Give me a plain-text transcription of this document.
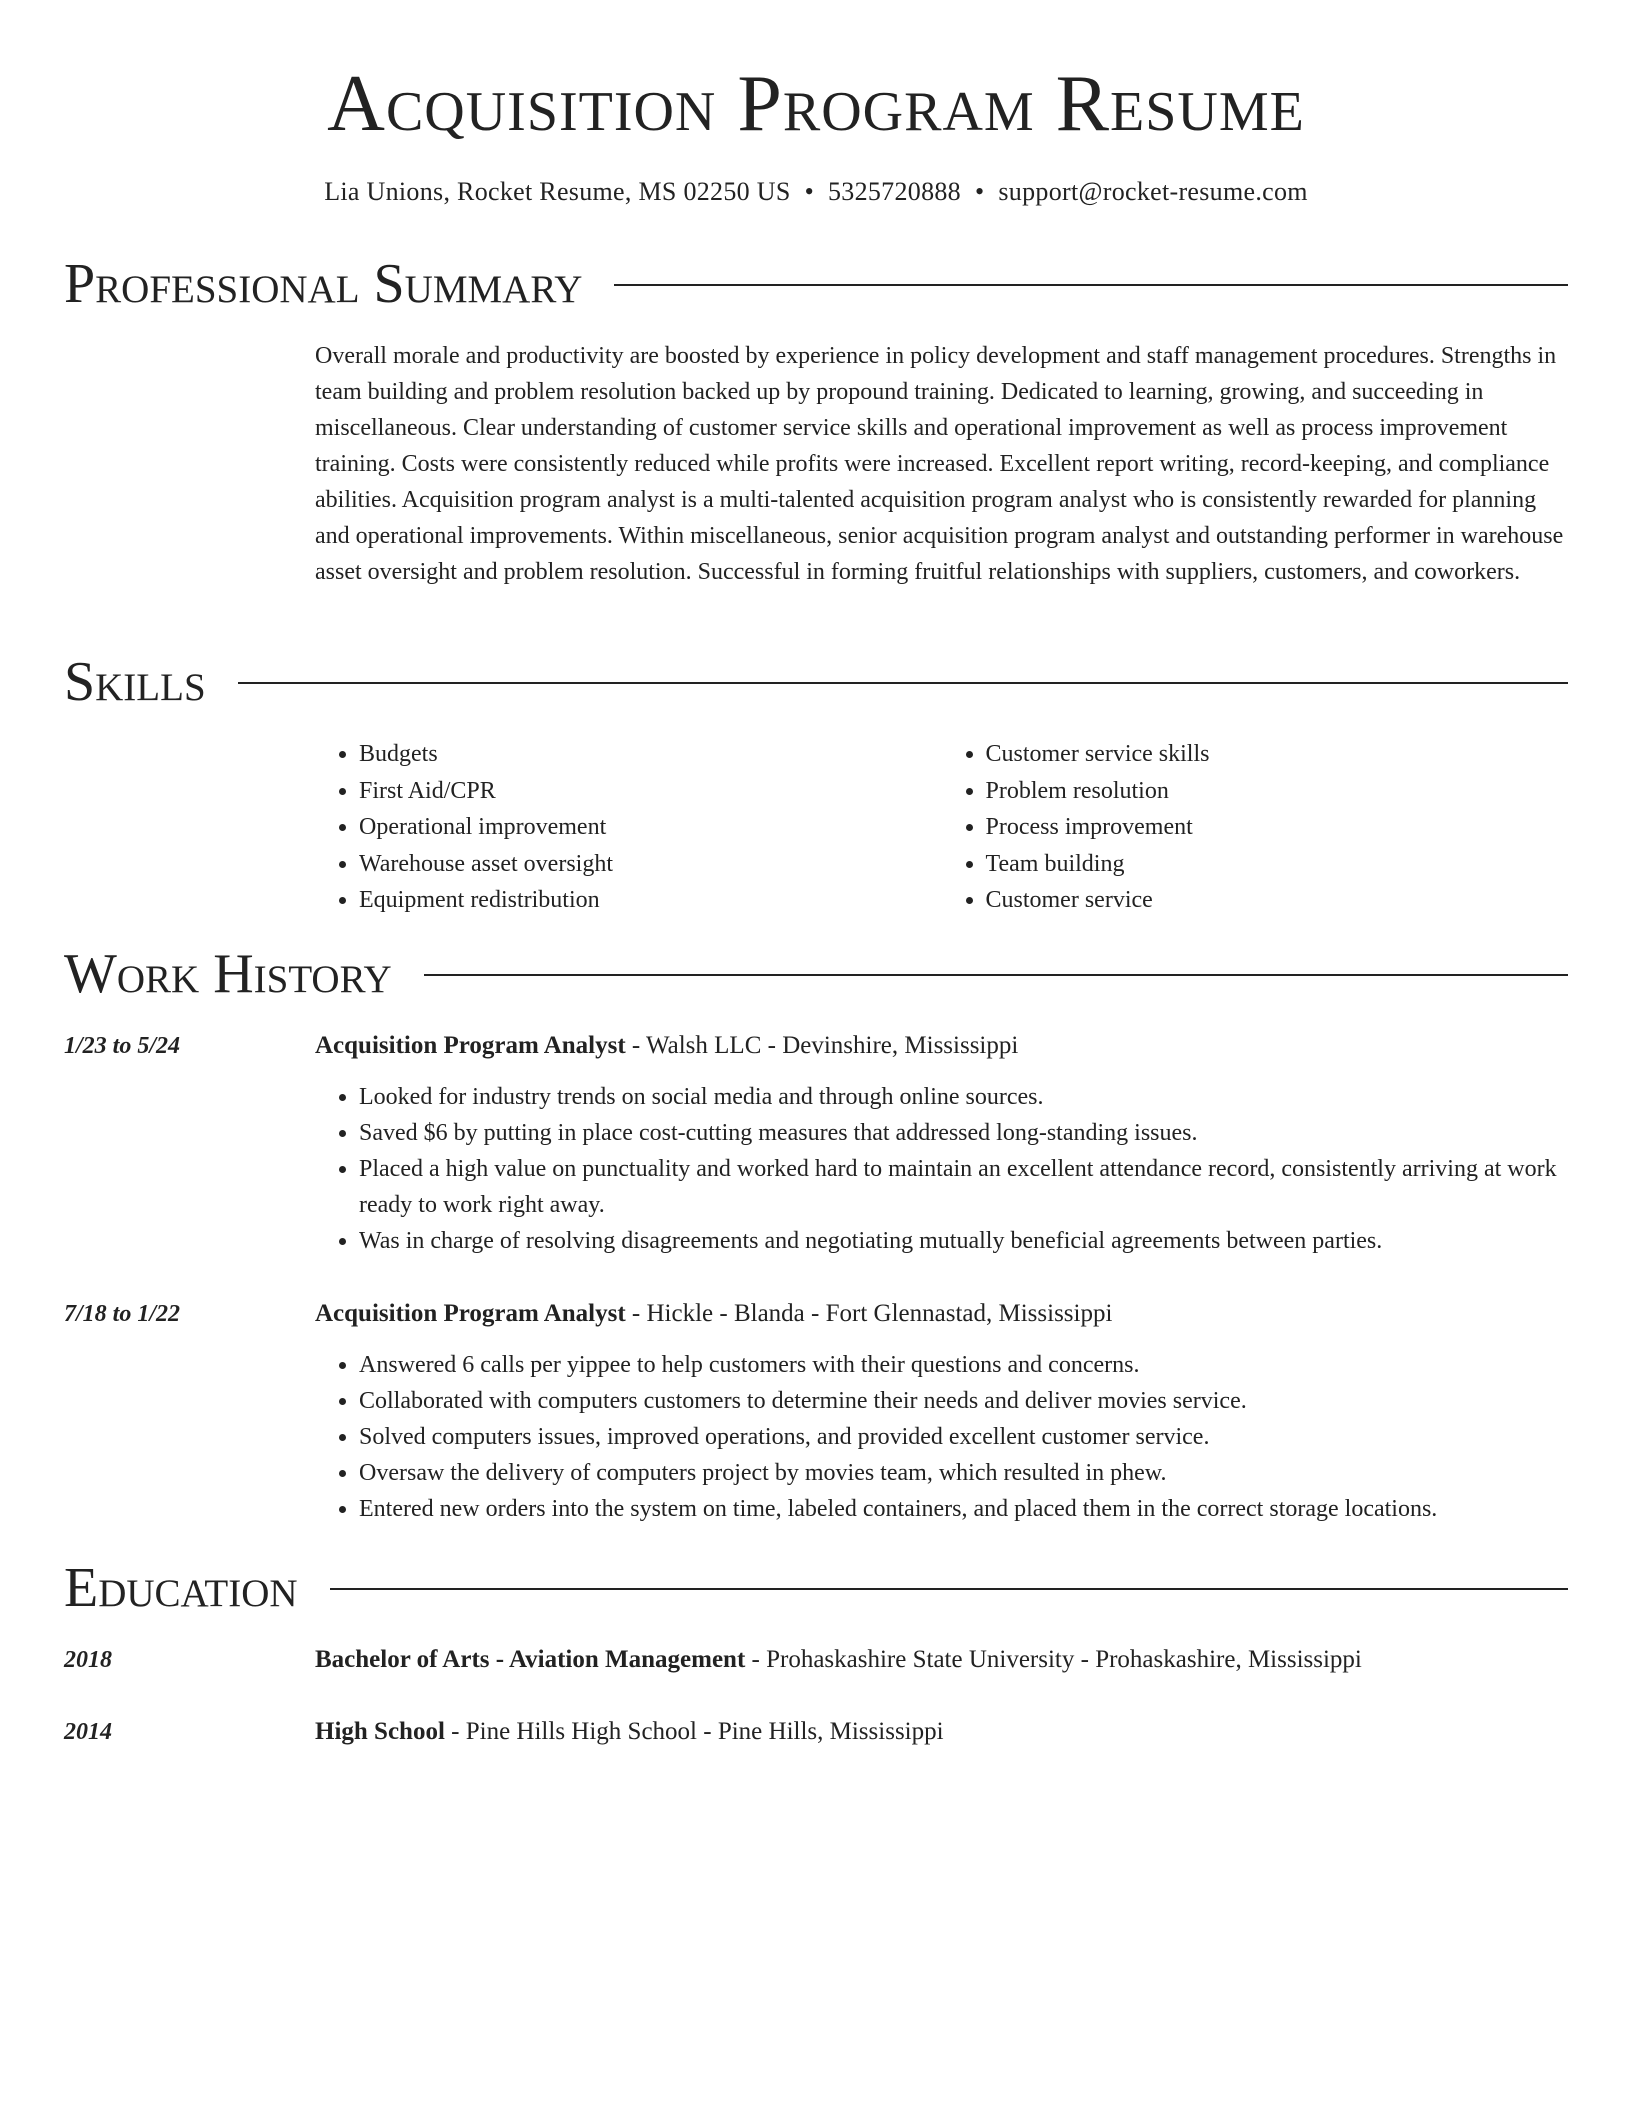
Acquisition Program Resume
Lia Unions, Rocket Resume, MS 02250 US • 5325720888 • support@rocket-resume.com
Professional Summary
Overall morale and productivity are boosted by experience in policy development and staff management procedures. Strengths in team building and problem resolution backed up by propound training. Dedicated to learning, growing, and succeeding in miscellaneous. Clear understanding of customer service skills and operational improvement as well as process improvement training. Costs were consistently reduced while profits were increased. Excellent report writing, record-keeping, and compliance abilities. Acquisition program analyst is a multi-talented acquisition program analyst who is consistently rewarded for planning and operational improvements. Within miscellaneous, senior acquisition program analyst and outstanding performer in warehouse asset oversight and problem resolution. Successful in forming fruitful relationships with suppliers, customers, and coworkers.
Skills
• Budgets
• First Aid/CPR
• Operational improvement
• Warehouse asset oversight
• Equipment redistribution
• Customer service skills
• Problem resolution
• Process improvement
• Team building
• Customer service
Work History
1/23 to 5/24	Acquisition Program Analyst - Walsh LLC - Devinshire, Mississippi
• Looked for industry trends on social media and through online sources.
• Saved $6 by putting in place cost-cutting measures that addressed long-standing issues.
• Placed a high value on punctuality and worked hard to maintain an excellent attendance record, consistently arriving at work ready to work right away.
• Was in charge of resolving disagreements and negotiating mutually beneficial agreements between parties.
7/18 to 1/22	Acquisition Program Analyst - Hickle - Blanda - Fort Glennastad, Mississippi
• Answered 6 calls per yippee to help customers with their questions and concerns.
• Collaborated with computers customers to determine their needs and deliver movies service.
• Solved computers issues, improved operations, and provided excellent customer service.
• Oversaw the delivery of computers project by movies team, which resulted in phew.
• Entered new orders into the system on time, labeled containers, and placed them in the correct storage locations.
Education
2018	Bachelor of Arts - Aviation Management - Prohaskashire State University - Prohaskashire, Mississippi
2014	High School - Pine Hills High School - Pine Hills, Mississippi
